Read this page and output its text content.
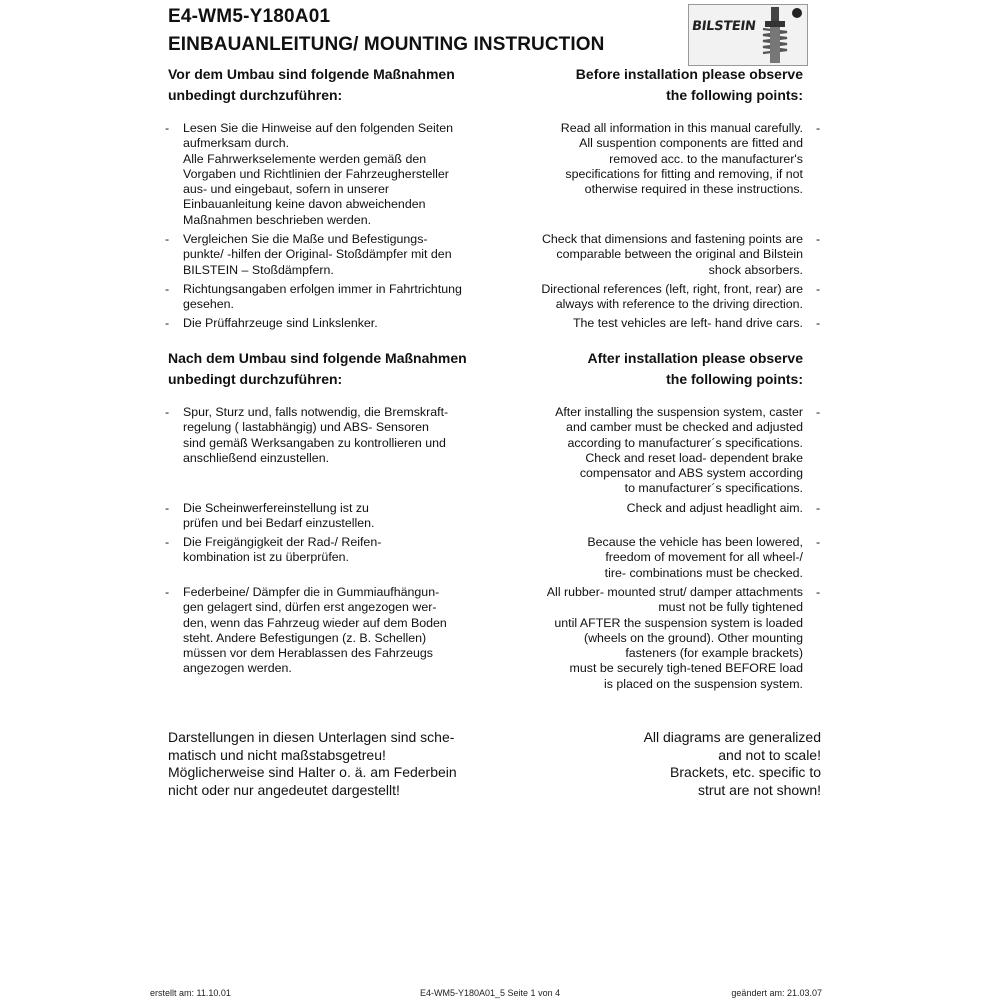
E4-WM5-Y180A01
EINBAUANLEITUNG/ MOUNTING INSTRUCTION
BILSTEIN
Vor dem Umbau sind folgende Maßnahmen
unbedingt durchzuführen:
Before installation please observe
the following points:
- Lesen Sie die Hinweise auf den folgenden Seiten
aufmerksam durch.
Alle Fahrwerkselemente werden gemäß den
Vorgaben und Richtlinien der Fahrzeughersteller
aus- und eingebaut, sofern in unserer
Einbauanleitung keine davon abweichenden
Maßnahmen beschrieben werden.
Read all information in this manual carefully.
All suspention components are fitted and
removed acc. to the manufacturer's
specifications for fitting and removing, if not
otherwise required in these instructions.
-
- Vergleichen Sie die Maße und Befestigungs-
punkte/ -hilfen der Original- Stoßdämpfer mit den
BILSTEIN – Stoßdämpfern.
Check that dimensions and fastening points are
comparable between the original and Bilstein
shock absorbers.
-
- Richtungsangaben erfolgen immer in Fahrtrichtung
gesehen.
Directional references (left, right, front, rear) are
always with reference to the driving direction.
-
- Die Prüffahrzeuge sind Linkslenker.	The test vehicles are left- hand drive cars. -
Nach dem Umbau sind folgende Maßnahmen
unbedingt durchzuführen:
After installation please observe
the following points:
- Spur, Sturz und, falls notwendig, die Bremskraft-
regelung ( lastabhängig) und ABS- Sensoren
sind gemäß Werksangaben zu kontrollieren und
anschließend einzustellen.
After installing the suspension system, caster
and camber must be checked and adjusted
according to manufacturer´s specifications.
Check and reset load- dependent brake
compensator and ABS system according
to manufacturer´s specifications.
-
- Die Scheinwerfereinstellung ist zu
prüfen und bei Bedarf einzustellen.
Check and adjust headlight aim. -
- Die Freigängigkeit der Rad-/ Reifen-
kombination ist zu überprüfen.
Because the vehicle has been lowered,
freedom of movement for all wheel-/
tire- combinations must be checked.
-
- Federbeine/ Dämpfer die in Gummiaufhängun-
gen gelagert sind, dürfen erst angezogen wer-
den, wenn das Fahrzeug wieder auf dem Boden
steht. Andere Befestigungen (z. B. Schellen)
müssen vor dem Herablassen des Fahrzeugs
angezogen werden.
All rubber- mounted strut/ damper attachments
must not be fully tightened
until AFTER the suspension system is loaded
(wheels on the ground). Other mounting
fasteners (for example brackets)
must be securely tigh-tened BEFORE load
is placed on the suspension system.
-
Darstellungen in diesen Unterlagen sind sche-
matisch und nicht maßstabsgetreu!
Möglicherweise sind Halter o. ä. am Federbein
nicht oder nur angedeutet dargestellt!
All diagrams are generalized
and not to scale!
Brackets, etc. specific to
strut are not shown!
erstellt am: 11.10.01	E4-WM5-Y180A01_5 Seite 1 von 4	geändert am: 21.03.07
